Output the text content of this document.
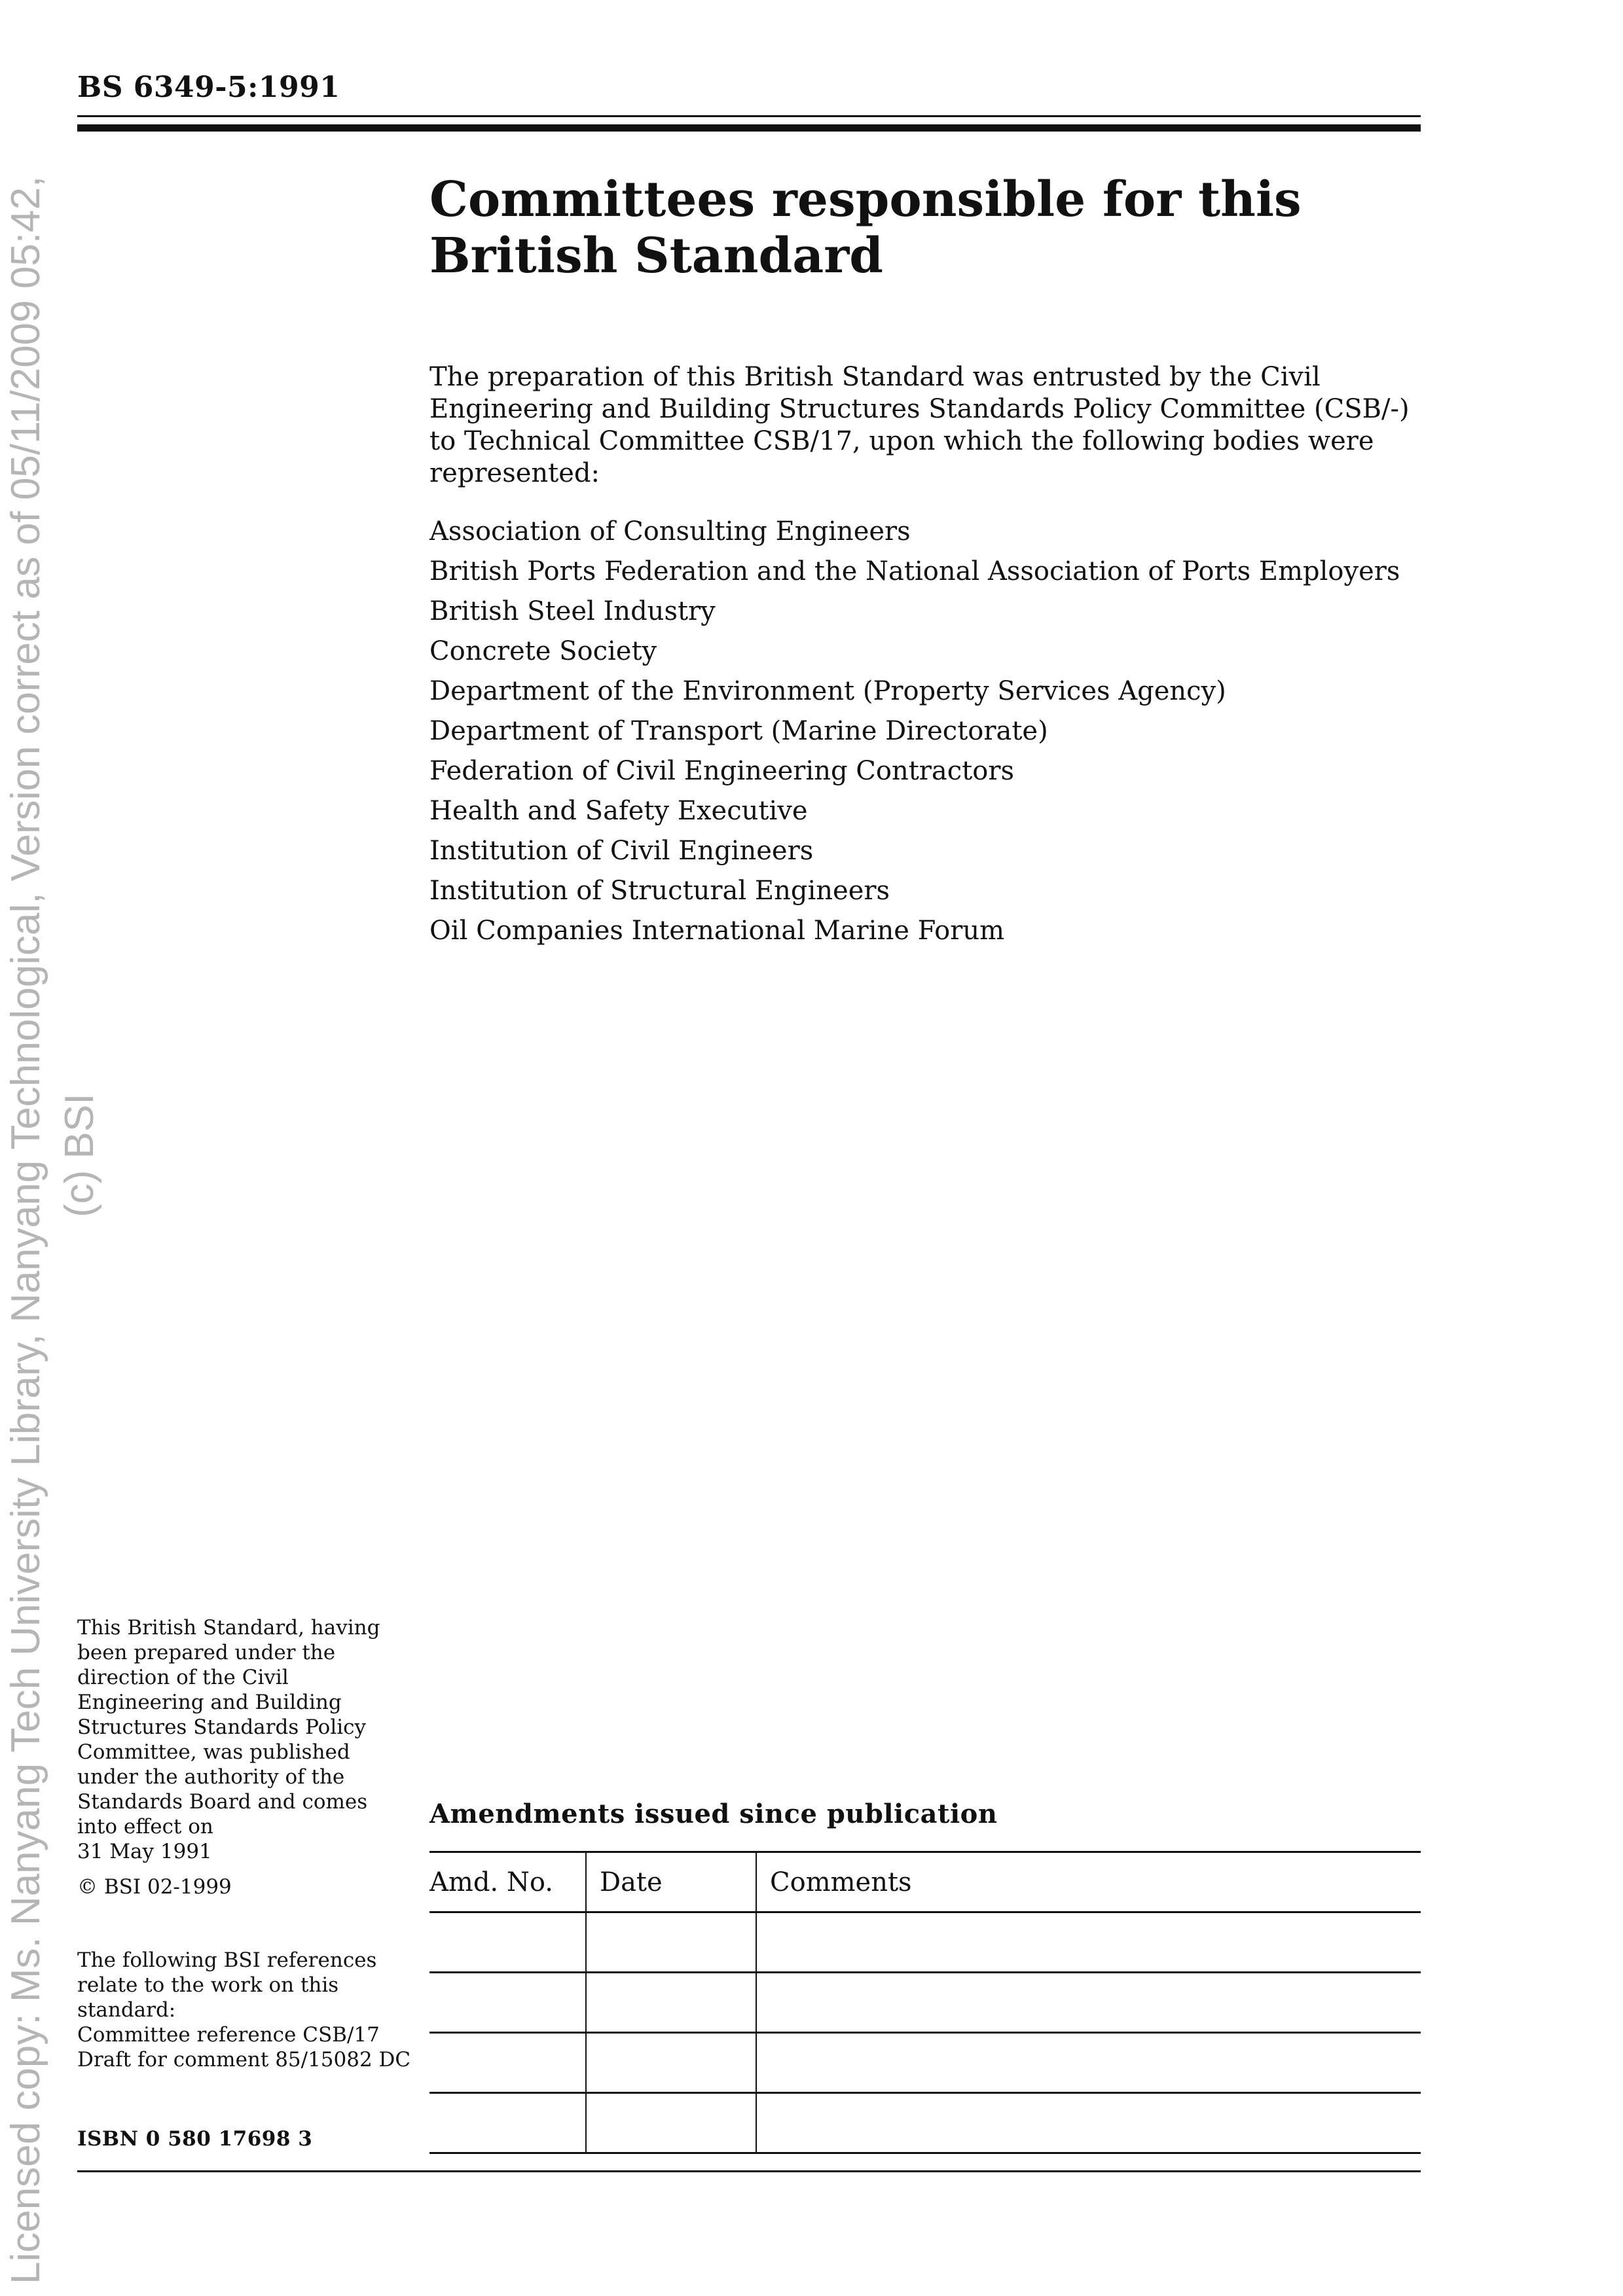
Licensed copy: Ms. Nanyang Tech University Library, Nanyang Technological, Version correct as of 05/11/2009 05:42, (c) BSI
BS 6349-5:1991
Committees responsible for this
British Standard

The preparation of this British Standard was entrusted by the Civil Engineering and Building Structures Standards Policy Committee (CSB/-) to Technical Committee CSB/17, upon which the following bodies were represented:

Association of Consulting Engineers
British Ports Federation and the National Association of Ports Employers
British Steel Industry
Concrete Society
Department of the Environment (Property Services Agency)
Department of Transport (Marine Directorate)
Federation of Civil Engineering Contractors
Health and Safety Executive
Institution of Civil Engineers
Institution of Structural Engineers
Oil Companies International Marine Forum
This British Standard, having
been prepared under the
direction of the Civil
Engineering and Building
Structures Standards Policy
Committee, was published
under the authority of the
Standards Board and comes
into effect on
31 May 1991
© BSI 02-1999
The following BSI references
relate to the work on this
standard:
Committee reference CSB/17
Draft for comment 85/15082 DC
ISBN 0 580 17698 3
Amendments issued since publication
Amd. No.	Date	Comments
